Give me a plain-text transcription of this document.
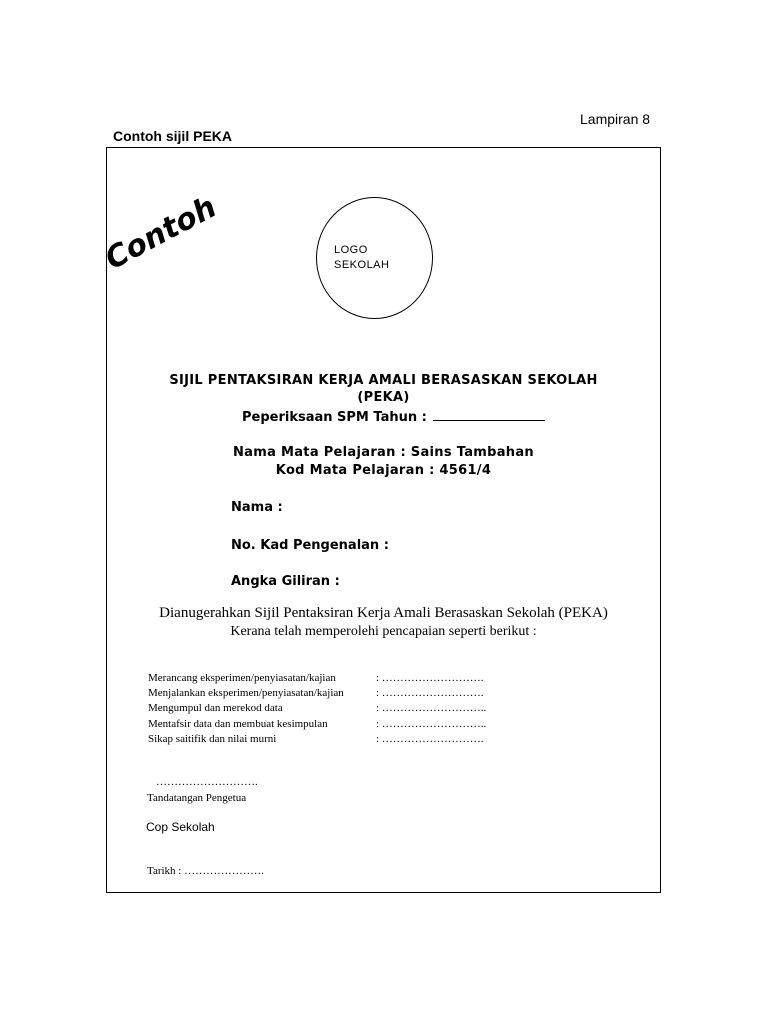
Lampiran 8
Contoh sijil PEKA
Contoh	LOGO
SEKOLAH
SIJIL PENTAKSIRAN KERJA AMALI BERASASKAN SEKOLAH
(PEKA)
Peperiksaan SPM Tahun :
Nama Mata Pelajaran : Sains Tambahan
Kod Mata Pelajaran : 4561/4
Nama :
No. Kad Pengenalan :
Angka Giliran :
Dianugerahkan Sijil Pentaksiran Kerja Amali Berasaskan Sekolah (PEKA)
Kerana telah memperolehi pencapaian seperti berikut :
Merancang eksperimen/penyiasatan/kajian	: ……………………….
Menjalankan eksperimen/penyiasatan/kajian	: ……………………….
Mengumpul dan merekod data	: ………………………..
Mentafsir data dan membuat kesimpulan	: ………………………..
Sikap saitifik dan nilai murni	: ……………………….
……………………….
Tandatangan Pengetua
Cop Sekolah
Tarikh : ………………….
